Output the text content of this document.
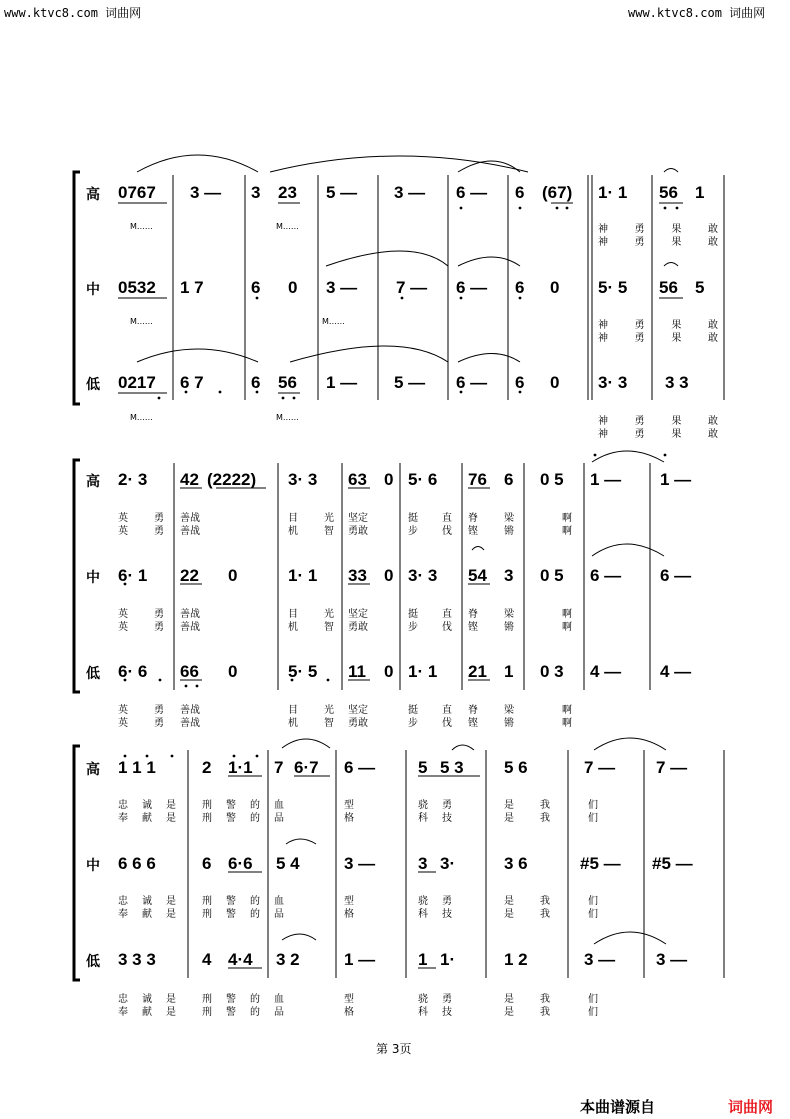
www.ktvc8.com 词曲网	www.ktvc8.com 词曲网
高
中
低
高
中
低
高
中
低
0767 3 — 3 23 5 — 3 — 6 — 6 (67) 1· 1 56 1
M……	M……	神	勇	果	敢
神	勇	果	敢
0532 1 7	6 0 3 — 7 — 6 — 6 0 5· 5 56 5
M……	M……	神	勇	果	敢
神	勇	果	敢
0217 6 7	6 56 1 — 5 — 6 — 6 0 3· 3 3 3
M……	M……	神	勇	果	敢
神	勇	果	敢
2· 3 42 (2222) 3· 3 63 0 5· 6 76 6 0 5 1 — 1 —
6· 1 22 0	1· 1 33 0 3· 3 54 3 0 5 6 — 6 —
6· 6 66 0	5· 5 11 0 1· 1 21 1 0 3 4 — 4 —
英	勇 善战	目	光 坚定	挺 直 脊	梁	啊
英	勇 善战	机	智 勇敢	步 伐 铿	锵	啊
英	勇 善战	目	光 坚定	挺 直 脊	梁	啊
英	勇 善战	机	智 勇敢	步 伐 铿	锵	啊
英	勇 善战	目	光 坚定	挺 直 脊	梁	啊
英	勇 善战	机	智 勇敢	步 伐 铿	锵	啊
1 1 1	2 1·1 7 6·7 6 —	5 5 3 5 6	7 — 7 —
6 6 6	6 6·6 5 4	3 —	3 3·	3 6	#5 — #5 —
3 3 3	4 4·4 3 2	1 —	1 1·	1 2	3 — 3 —
忠 诚 是	刑 警 的 血	型	骁 勇	是	我	们
奉 献 是	刑 警 的 品	格	科 技	是	我	们
忠 诚 是	刑 警 的 血	型	骁 勇	是	我	们
奉 献 是	刑 警 的 品	格	科 技	是	我	们
忠 诚 是	刑 警 的 血	型	骁 勇	是	我	们
奉 献 是	刑 警 的 品	格	科 技	是	我	们
第 3页
本曲谱源自	词曲网
